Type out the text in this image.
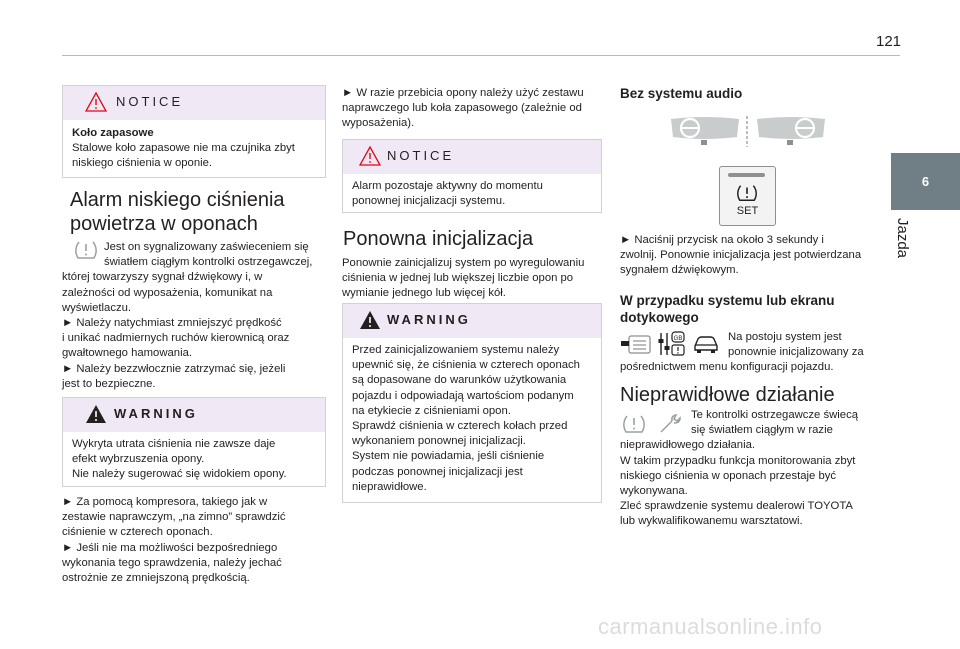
121
6
Jazda
NOTICE

Koło zapasowe

Stalowe koło zapasowe nie ma czujnika zbyt niskiego ciśnienia w oponie.

Alarm niskiego ciśnienia
powietrza w oponach

Jest on sygnalizowany zaświeceniem się

światłem ciągłym kontrolki ostrzegawczej,

której towarzyszy sygnał dźwiękowy i, w

zależności od wyposażenia, komunikat na

wyświetlaczu.

► Należy natychmiast zmniejszyć prędkość

i unikać nadmiernych ruchów kierownicą oraz

gwałtownego hamowania.

► Należy bezzwłocznie zatrzymać się, jeżeli

jest to bezpieczne.

WARNING

Wykryta utrata ciśnienia nie zawsze daje

efekt wybrzuszenia opony.

Nie należy sugerować się widokiem opony.

► Za pomocą kompresora, takiego jak w

zestawie naprawczym, „na zimno” sprawdzić

ciśnienie w czterech oponach.

► Jeśli nie ma możliwości bezpośredniego

wykonania tego sprawdzenia, należy jechać

ostrożnie ze zmniejszoną prędkością.

► W razie przebicia opony należy użyć zestawu

naprawczego lub koła zapasowego (zależnie od

wyposażenia).

NOTICE

Alarm pozostaje aktywny do momentu

ponownej inicjalizacji systemu.

Ponowna inicjalizacja

Ponownie zainicjalizuj system po wyregulowaniu

ciśnienia w jednej lub większej liczbie opon po

wymianie jednego lub więcej kół.

WARNING

Przed zainicjalizowaniem systemu należy

upewnić się, że ciśnienia w czterech oponach

są dopasowane do warunków użytkowania

pojazdu i odpowiadają wartościom podanym

na etykiecie z ciśnieniami opon.

Sprawdź ciśnienia w czterech kołach przed

wykonaniem ponownej inicjalizacji.

System nie powiadamia, jeśli ciśnienie

podczas ponownej inicjalizacji jest

nieprawidłowe.

Bez systemu audio
SET

► Naciśnij przycisk na około 3 sekundy i

zwolnij. Ponownie inicjalizacja jest potwierdzana

sygnałem dźwiękowym.

W przypadku systemu lub ekranu
dotykowego
GB	Na postoju system jest

ponownie inicjalizowany za

pośrednictwem menu konfiguracji pojazdu.

Nieprawidłowe działanie

Te kontrolki ostrzegawcze świecą

się światłem ciągłym w razie

nieprawidłowego działania.

W takim przypadku funkcja monitorowania zbyt

niskiego ciśnienia w oponach przestaje być

wykonywana.

Zleć sprawdzenie systemu dealerowi TOYOTA

lub wykwalifikowanemu warsztatowi.

carmanualsonline.info
